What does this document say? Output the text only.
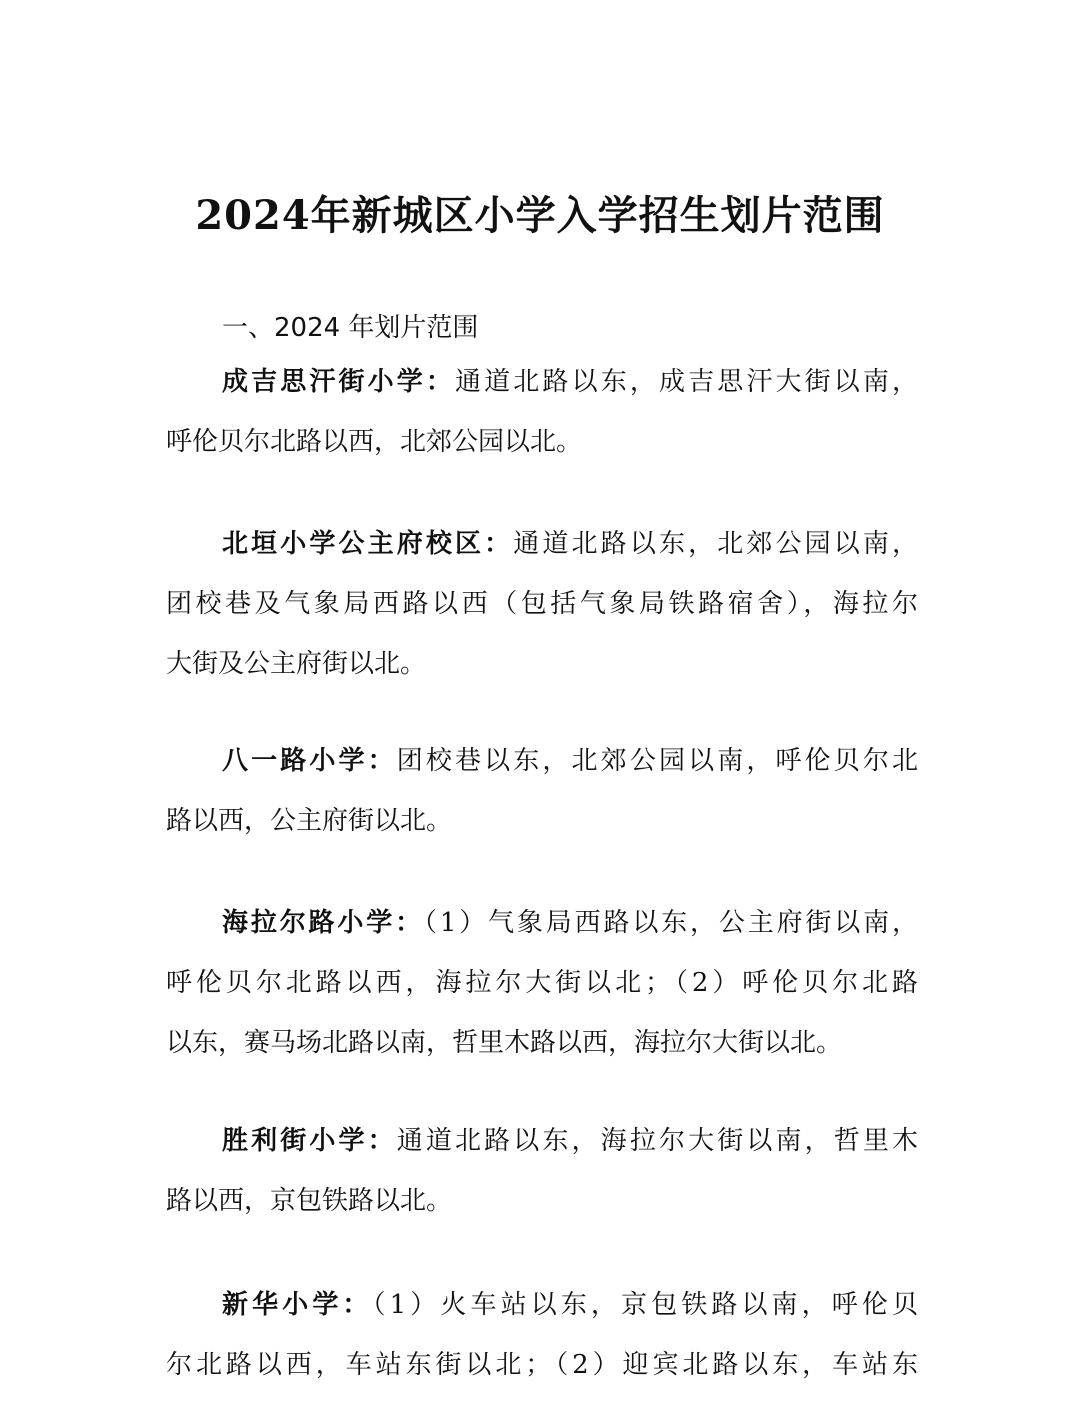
2024年新城区小学入学招生划片范围
一、2024 年划片范围
成吉思汗街小学：通道北路以东，成吉思汗大街以南，
呼伦贝尔北路以西，北郊公园以北。
北垣小学公主府校区：通道北路以东，北郊公园以南，
团校巷及气象局西路以西（包括气象局铁路宿舍），海拉尔
大街及公主府街以北。
八一路小学：团校巷以东，北郊公园以南，呼伦贝尔北
路以西，公主府街以北。
海拉尔路小学：（1）气象局西路以东，公主府街以南，
呼伦贝尔北路以西，海拉尔大街以北；（2）呼伦贝尔北路
以东，赛马场北路以南，哲里木路以西，海拉尔大街以北。
胜利街小学：通道北路以东，海拉尔大街以南，哲里木
路以西，京包铁路以北。
新华小学：（1）火车站以东，京包铁路以南，呼伦贝
尔北路以西，车站东街以北；（2）迎宾北路以东，车站东
